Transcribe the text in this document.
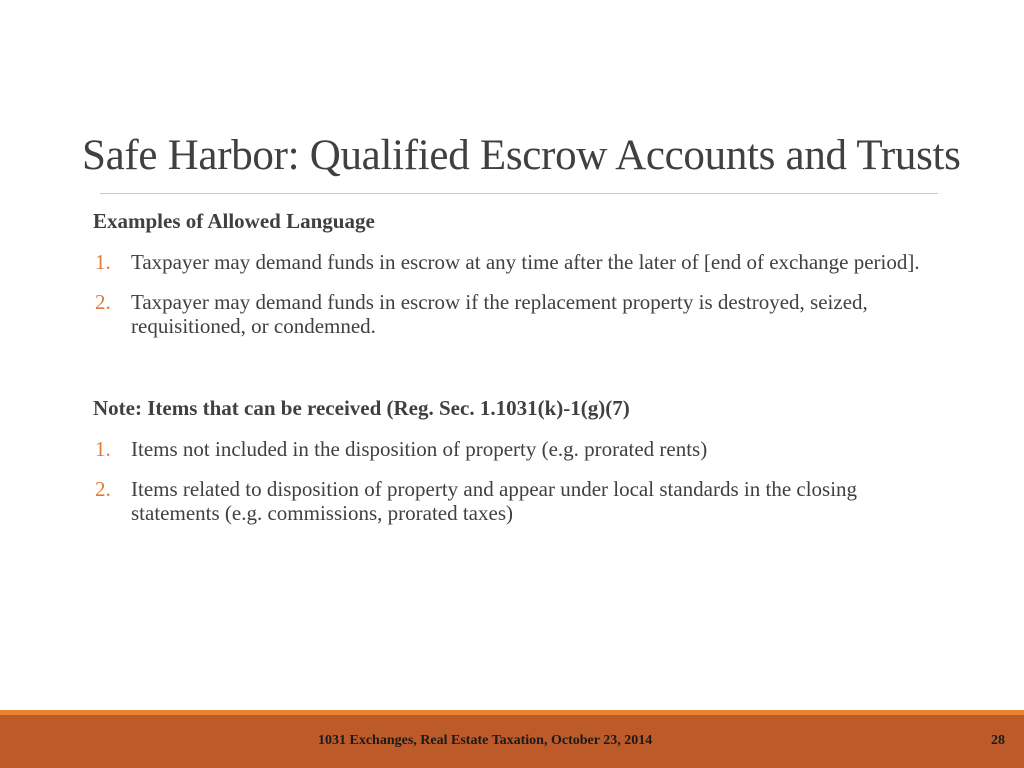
Safe Harbor: Qualified Escrow Accounts and Trusts
Examples of Allowed Language
1. Taxpayer may demand funds in escrow at any time after the later of [end of exchange period].
2. Taxpayer may demand funds in escrow if the replacement property is destroyed, seized, requisitioned, or condemned.
Note: Items that can be received (Reg. Sec. 1.1031(k)-1(g)(7)
1. Items not included in the disposition of property (e.g. prorated rents)
2. Items related to disposition of property and appear under local standards in the closing statements (e.g. commissions, prorated taxes)
1031 Exchanges, Real Estate Taxation, October 23, 2014	28
